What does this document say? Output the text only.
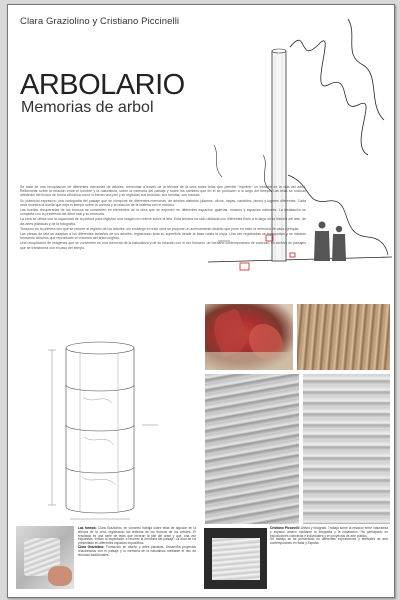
Clara Graziolino y Cristiano Piccinelli
ARBOLARIO
Memorias de arbol

Se trata de una recopilación de diferentes memorias de árboles: memorias a través de la técnica de la cera sobre telas que permite "imprimir" un instante de la vida del árbol. Reflexionar sobre la relación entre el hombre y la naturaleza, sobre la memoria del paisaje y sobre los cambios que en él se producen a lo largo del tiempo. Las telas se colocan alrededor del tronco de forma cilíndrica como si fueran una piel y se registran sus texturas, sus heridas, sus marcas.

Su potencial expresivo: una cartografía del paisaje que se compone de diferentes memorias, de árboles distintos (álamos, olivos, hayas, castaños, pinos) y lugares diferentes. Cada obra muestra la huella que deja el tiempo sobre la corteza y la relación de la materia con el entorno.

Las huellas recuperadas de los troncos se convierten en elementos de la obra que se exponen en diferentes espacios: galerías, museos y espacios naturales. La instalación se completa con la presencia del árbol real y su memoria.

La cera se utiliza con la capacidad de la pintura para registrar una imagen en relieve sobre la tela. Esta técnica ha sido utilizada con diferentes fines a lo largo de la historia del arte, de las artes plásticas y de la fotografía.

Tampoco es la primera vez que se recurre al registro de los árboles; sin embargo en esta obra se propone un acercamiento distinto que pone en valor la memoria de cada ejemplar.

Las piezas de tela se adaptan a los diferentes tamaños de los árboles, registrando toda su superficie desde la base hasta la copa. Una vez registradas se transportan y se instalan formando cilindros que reproducen el volumen del árbol original.

Una recopilación de imágenes que se convierten en una memoria de la naturaleza y de su relación con el ser humano: un herbario contemporáneo de cortezas, un archivo de paisajes que se transforma con el paso del tiempo.

Las formas: Clara Graziolino, en concreto trabaja sobre telas de algodón en la técnica de la cera, registrando las texturas de los troncos de los árboles. El resultado es una serie de telas que recrean la piel del árbol y que, una vez expuestas, invitan al espectador a recorrer la memoria del paisaje. La obra se ha presentado en diferentes espacios expositivos.
Clara Graziolino: Formación en diseño y artes plásticas. Desarrolla proyectos relacionados con el paisaje y la memoria de la naturaleza mediante el uso de técnicas tradicionales.
Cristiano Piccinelli: Artista y fotógrafo. Trabaja sobre la relación entre naturaleza y espacio urbano mediante la fotografía y la instalación. Ha participado en exposiciones colectivas e individuales y en proyectos de arte público.
Su trabajo se ha presentado en diferentes exposiciones y festivales de arte contemporáneo en Italia y España.
